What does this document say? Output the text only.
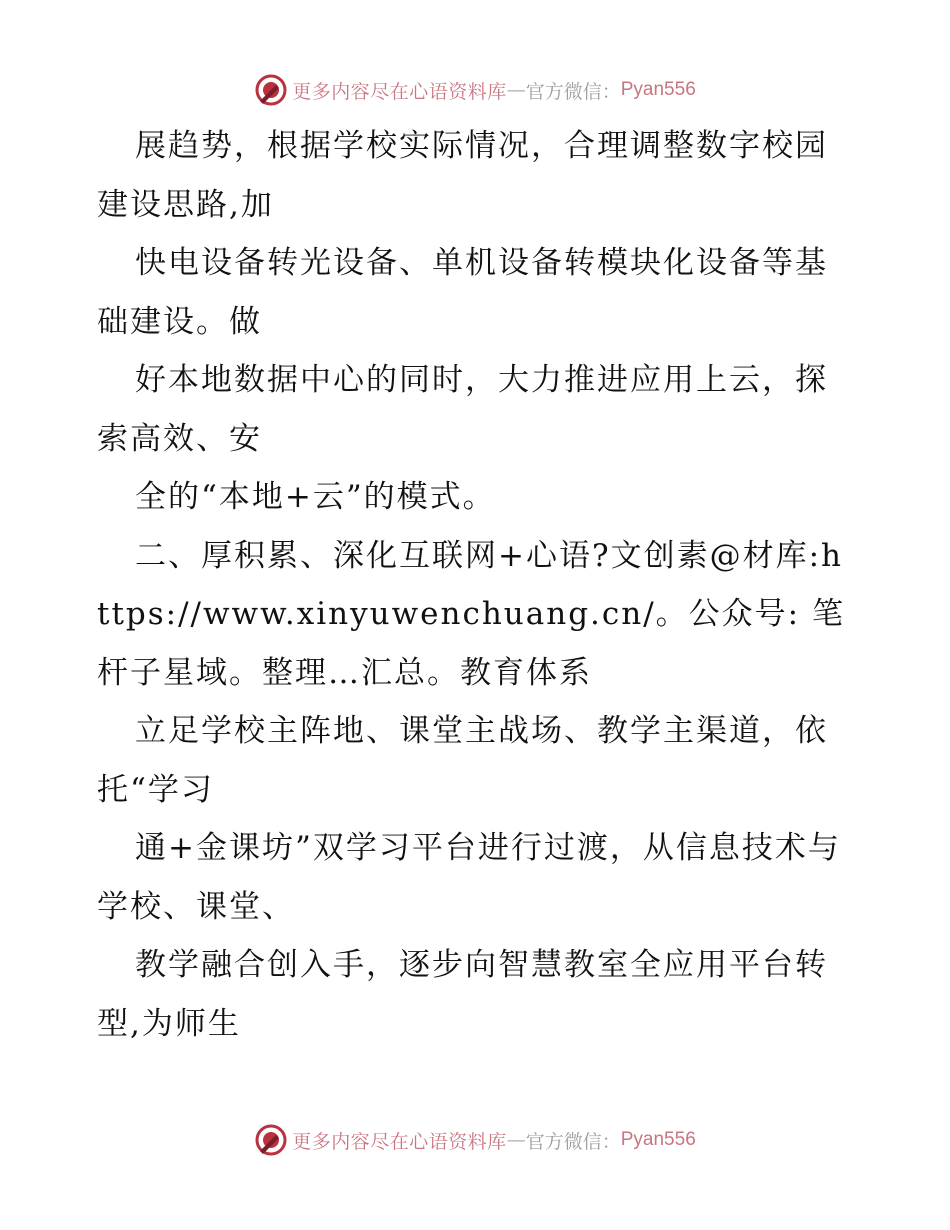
更多内容尽在心语资料库 — 官方微信： Pyan556

展趋势，根据学校实际情况，合理调整数字校园建设思路,加

快电设备转光设备、单机设备转模块化设备等基础建设。做

好本地数据中心的同时，大力推进应用上云，探索高效、安

全的“本地+云”的模式。

二、厚积累、深化互联网+心语?文创素@材库:https://www.xinyuwenchuang.cn/。公众号: 笔杆子星域。整理…汇总。教育体系

立足学校主阵地、课堂主战场、教学主渠道，依托“学习

通+金课坊”双学习平台进行过渡，从信息技术与学校、课堂、

教学融合创入手，逐步向智慧教室全应用平台转型,为师生

更多内容尽在心语资料库 — 官方微信： Pyan556
